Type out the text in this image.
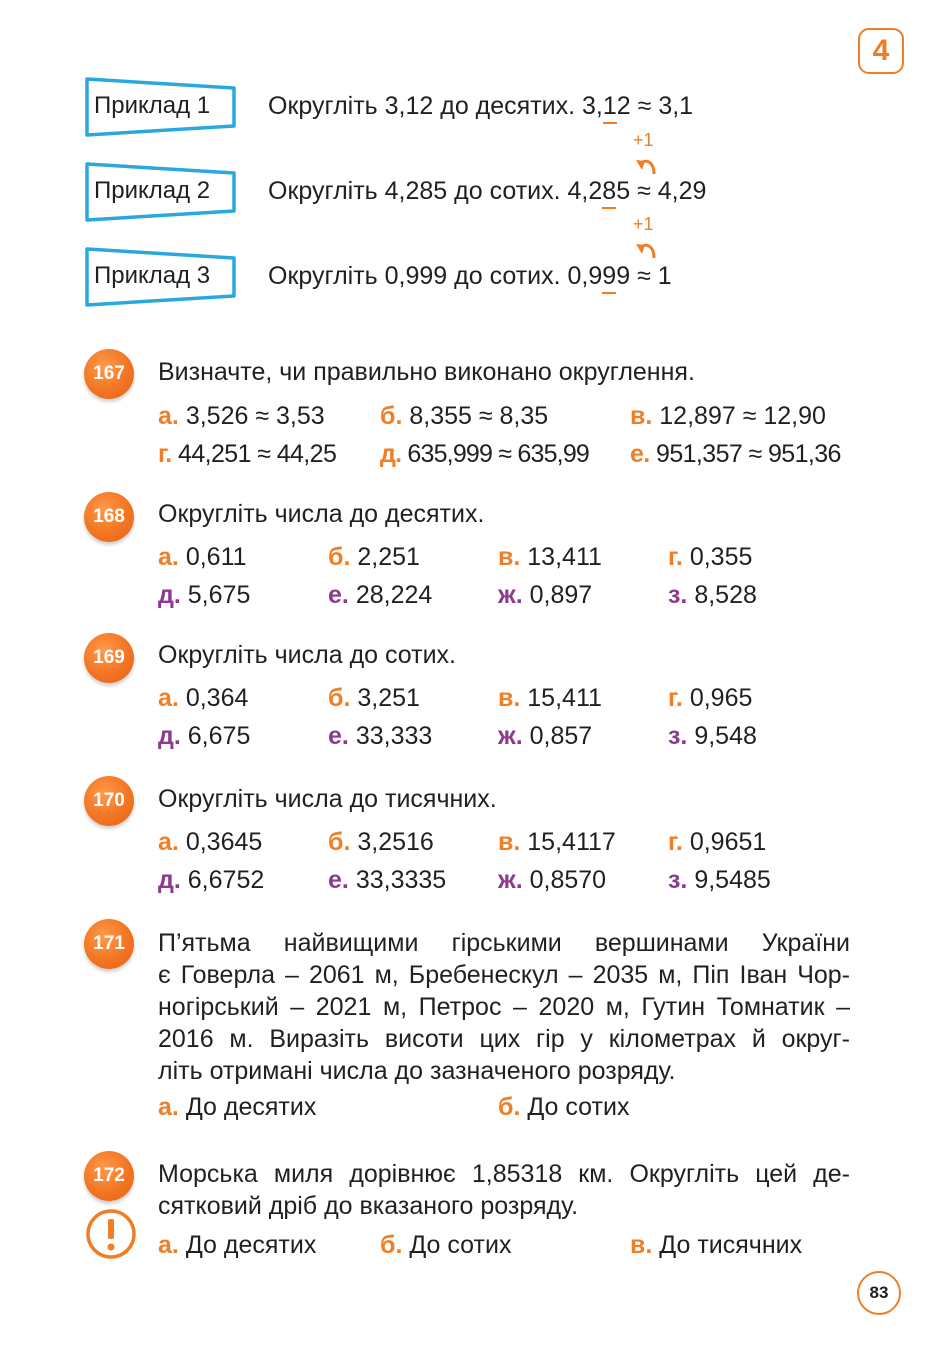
4
Приклад 1 Округліть 3,12 до десятих. 3,12 ≈ 3,1
+1
Приклад 2 Округліть 4,285 до сотих. 4,285 ≈ 4,29
+1
Приклад 3 Округліть 0,999 до сотих. 0,999 ≈ 1
167	Визначте, чи правильно виконано округлення.
а. 3,526 ≈ 3,53 б. 8,355 ≈ 8,35	в. 12,897 ≈ 12,90
г. 44,251 ≈ 44,25 д. 635,999 ≈ 635,99 е. 951,357 ≈ 951,36
168	Округліть числа до десятих.
а. 0,611	б. 2,251	в. 13,411	г. 0,355
д. 5,675	е. 28,224	ж. 0,897	з. 8,528
169	Округліть числа до сотих.
а. 0,364	б. 3,251	в. 15,411	г. 0,965
д. 6,675	е. 33,333	ж. 0,857	з. 9,548
170	Округліть числа до тисячних.
а. 0,3645	б. 3,2516	в. 15,4117 г. 0,9651
д. 6,6752	е. 33,3335 ж. 0,8570 з. 9,5485
171	П’ятьма найвищими гірськими вершинами України
є Говерла – 2061 м, Бребенескул – 2035 м, Піп Іван Чор-
ногірський – 2021 м, Петрос – 2020 м, Гутин Томнатик –
2016 м. Виразіть висоти цих гір у кілометрах й округ-
літь отримані числа до зазначеного розряду.
а. До десятих	б. До сотих
172	Морська миля дорівнює 1,85318 км. Округліть цей де-
сятковий дріб до вказаного розряду.
а. До десятих	б. До сотих	в. До тисячних
83
